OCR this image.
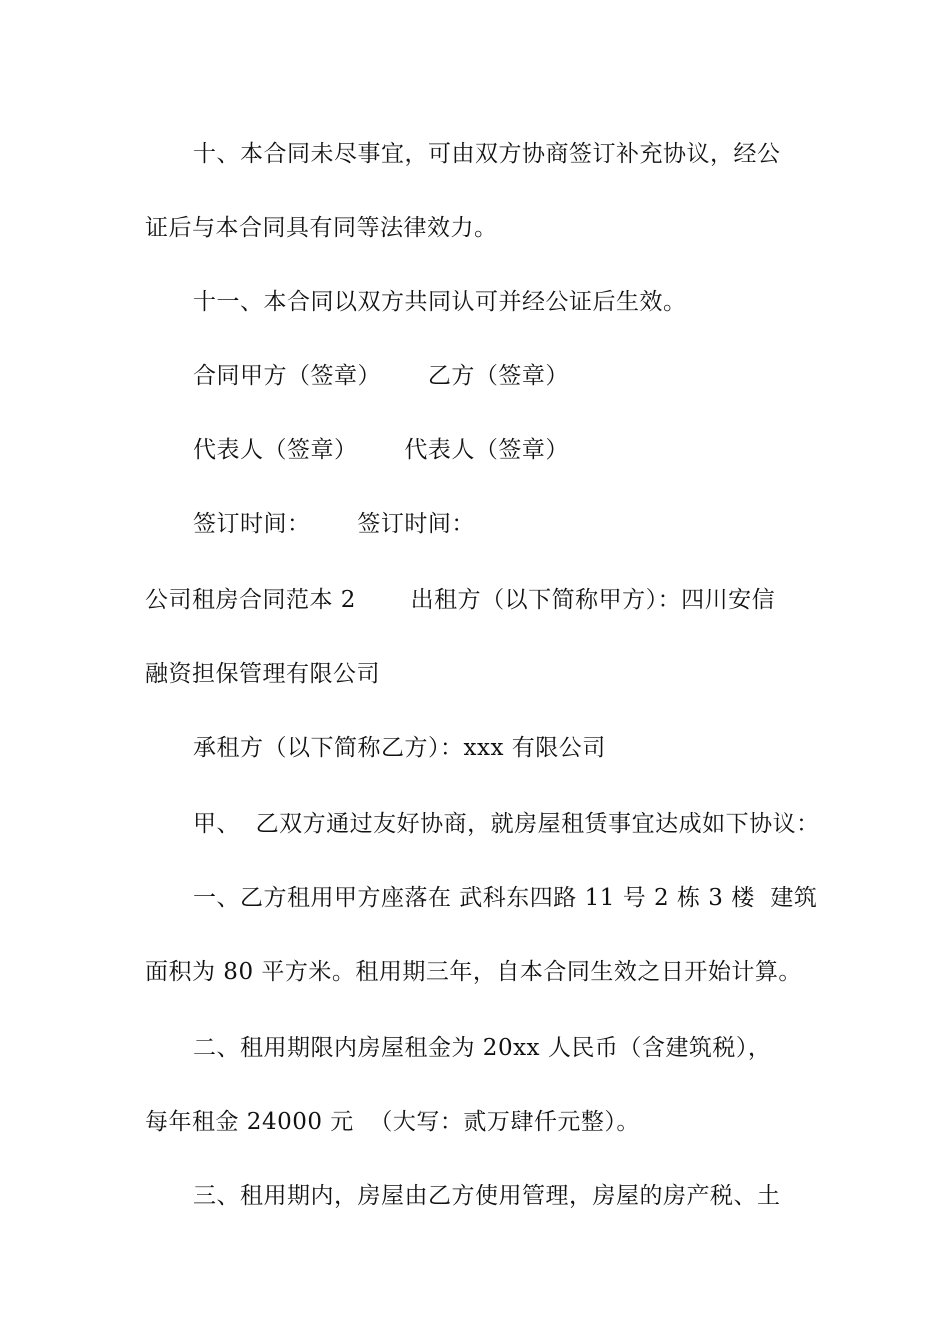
十、本合同未尽事宜，可由双方协商签订补充协议，经公
证后与本合同具有同等法律效力。
十一、本合同以双方共同认可并经公证后生效。
合同甲方（签章）      乙方（签章）
代表人（签章）      代表人（签章）
签订时间：      签订时间：
公司租房合同范本 2       出租方（以下简称甲方）：四川安信
融资担保管理有限公司
承租方（以下简称乙方）：xxx 有限公司
甲、  乙双方通过友好协商，就房屋租赁事宜达成如下协议：
一、乙方租用甲方座落在 武科东四路 11 号 2 栋 3 楼  建筑
面积为 80 平方米。租用期三年，自本合同生效之日开始计算。
二、租用期限内房屋租金为 20xx 人民币（含建筑税），
每年租金 24000 元  （大写：贰万肆仟元整）。
三、租用期内，房屋由乙方使用管理，房屋的房产税、土
